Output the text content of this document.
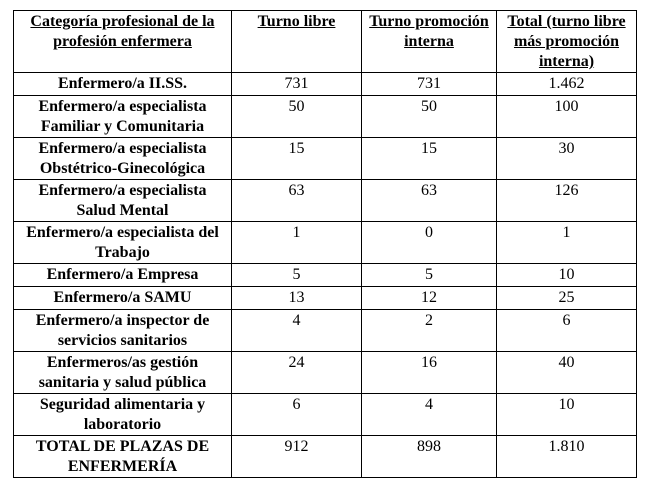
Categoría profesional de la profesión enfermera	Turno libre	Turno promoción interna	Total (turno libre más promoción interna)
Enfermero/a II.SS.	731	731	1.462
Enfermero/a especialista Familiar y Comunitaria	50	50	100
Enfermero/a especialista Obstétrico-Ginecológica	15	15	30
Enfermero/a especialista Salud Mental	63	63	126
Enfermero/a especialista del Trabajo	1	0	1
Enfermero/a Empresa	5	5	10
Enfermero/a SAMU	13	12	25
Enfermero/a inspector de servicios sanitarios	4	2	6
Enfermeros/as gestión sanitaria y salud pública	24	16	40
Seguridad alimentaria y laboratorio	6	4	10
TOTAL DE PLAZAS DE ENFERMERÍA	912	898	1.810
